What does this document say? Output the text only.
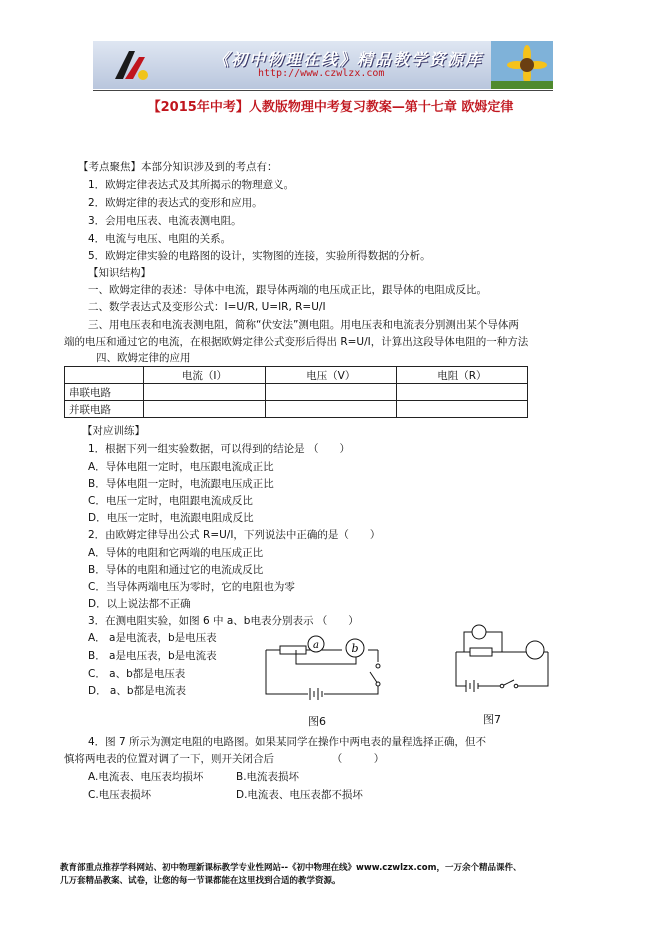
《初中物理在线》精品教学资源库
http://www.czwlzx.com
【2015年中考】人教版物理中考复习教案—第十七章 欧姆定律
【考点聚焦】本部分知识涉及到的考点有：
1．欧姆定律表达式及其所揭示的物理意义。
2．欧姆定律的表达式的变形和应用。
3．会用电压表、电流表测电阻。
4．电流与电压、电阻的关系。
5．欧姆定律实验的电路图的设计，实物图的连接，实验所得数据的分析。
【知识结构】
一、欧姆定律的表述：导体中电流，跟导体两端的电压成正比，跟导体的电阻成反比。
二、数学表达式及变形公式：I=U/R, U=IR, R=U/I
三、用电压表和电流表测电阻，简称“伏安法”测电阻。用电压表和电流表分别测出某个导体两
端的电压和通过它的电流，在根据欧姆定律公式变形后得出 R=U/I，计算出这段导体电阻的一种方法
四、欧姆定律的应用
	电流（I）	电压（V）	电阻（R）
串联电路			
并联电路			
【对应训练】
1．根据下列一组实验数据，可以得到的结论是 （　　）
A．导体电阻一定时，电压跟电流成正比
B．导体电阻一定时，电流跟电压成正比
C．电压一定时，电阻跟电流成反比
D．电压一定时，电流跟电阻成反比
2．由欧姆定律导出公式 R=U/I，下列说法中正确的是（　　）
A．导体的电阻和它两端的电压成正比
B．导体的电阻和通过它的电流成反比
C．当导体两端电压为零时，它的电阻也为零
D．以上说法都不正确
3．在测电阻实验，如图 6 中 a、b电表分别表示 （　　）
A． a是电流表，b是电压表
B． a是电压表，b是电流表
C． a、b都是电压表
D． a、b都是电流表
a	b
图6	图7
4．图 7 所示为测定电阻的电路图。如果某同学在操作中两电表的量程选择正确，但不
慎将两电表的位置对调了一下，则开关闭合后　　　　　　（　　　）
A.电流表、电压表均损坏	B.电流表损坏
C.电压表损坏	D.电流表、电压表都不损坏
教育部重点推荐学科网站、初中物理新课标教学专业性网站--《初中物理在线》www.czwlzx.com，一万余个精品课件、
几万套精品教案、试卷，让您的每一节课都能在这里找到合适的教学资源。
